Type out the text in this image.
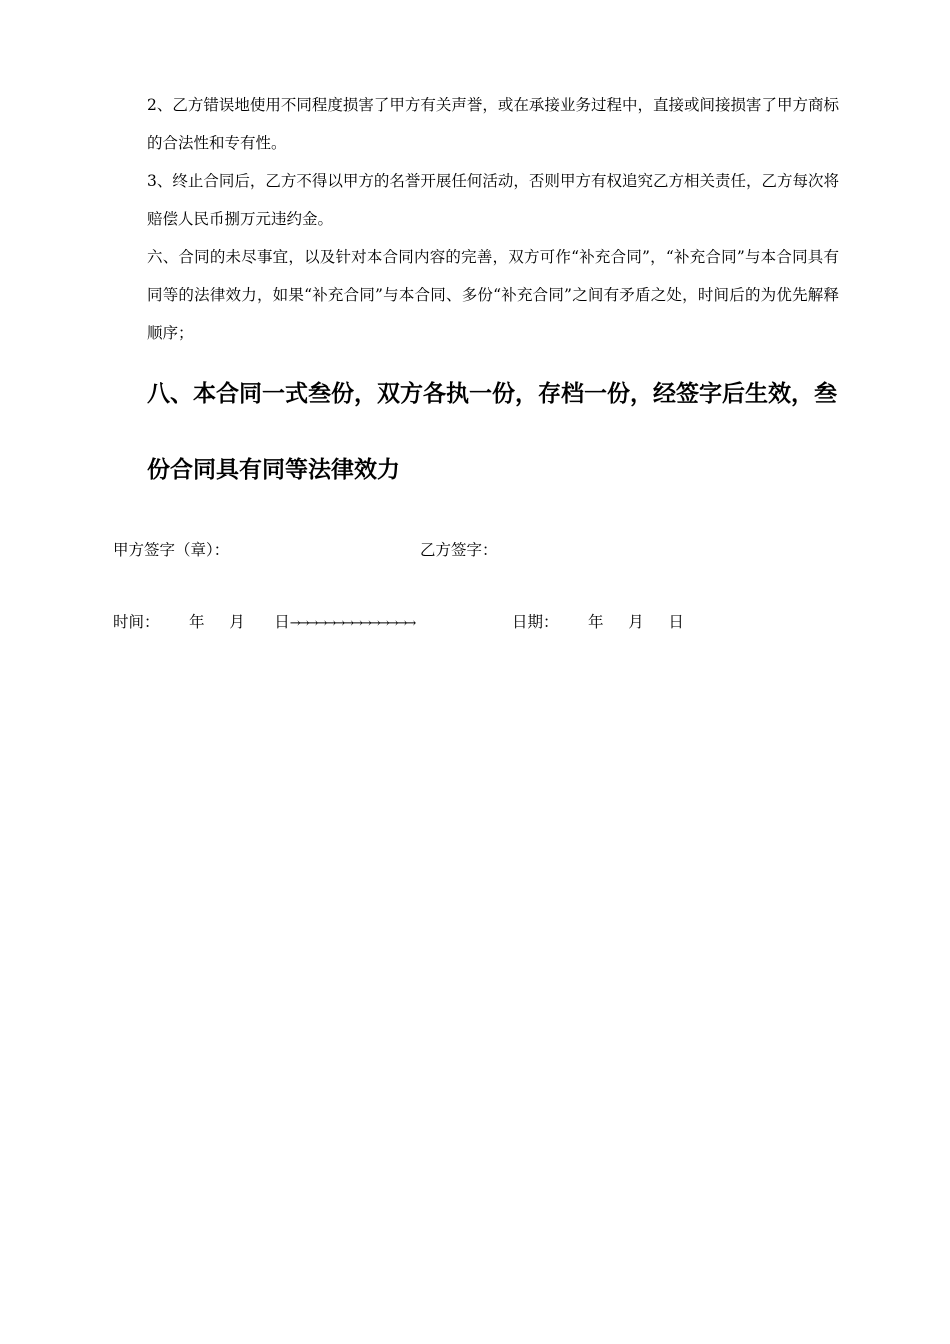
2、乙方错误地使用不同程度损害了甲方有关声誉，或在承接业务过程中，直接或间接损害了甲方商标的合法性和专有性。

3、终止合同后，乙方不得以甲方的名誉开展任何活动，否则甲方有权追究乙方相关责任，乙方每次将赔偿人民币捌万元违约金。

六、合同的未尽事宜，以及针对本合同内容的完善，双方可作“补充合同”，“补充合同”与本合同具有同等的法律效力，如果“补充合同”与本合同、多份“补充合同”之间有矛盾之处，时间后的为优先解释顺序；

八、本合同一式叁份，双方各执一份，存档一份，经签字后生效，叁份合同具有同等法律效力

甲方签字（章）：	乙方签字：
时间：      年     月      日→→→→→→→→→→→→→→	日期：      年     月     日
